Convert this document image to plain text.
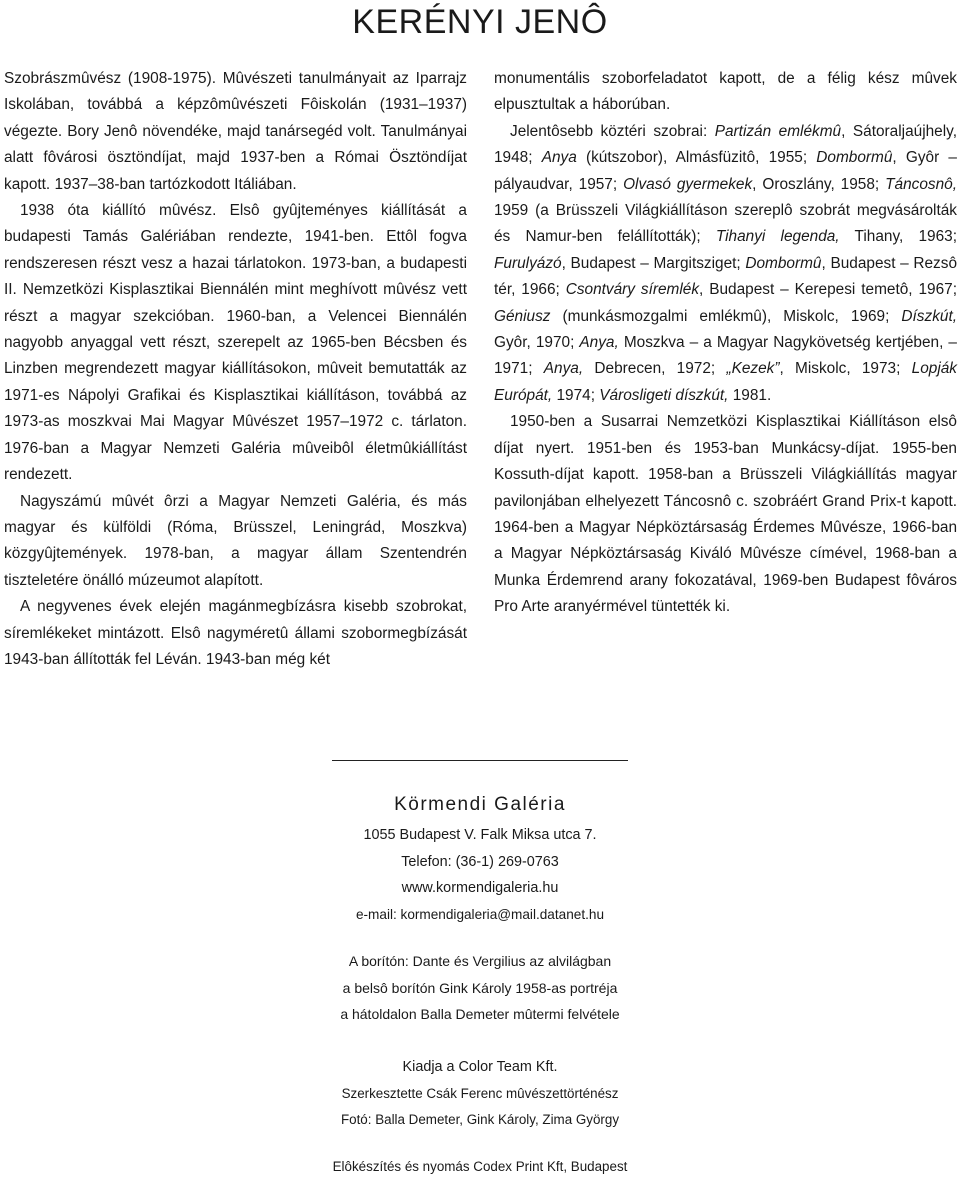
KERÉNYI JENÔ

Szobrászmûvész (1908-1975). Mûvészeti tanulmányait az Iparrajz Iskolában, továbbá a képzômûvészeti Fôiskolán (1931–1937) végezte. Bory Jenô növendéke, majd tanársegéd volt. Tanulmányai alatt fôvárosi ösztöndíjat, majd 1937-ben a Római Ösztöndíjat kapott. 1937–38-ban tartózkodott Itáliában.

1938 óta kiállító mûvész. Elsô gyûjteményes kiállítását a budapesti Tamás Galériában rendezte, 1941-ben. Ettôl fogva rendszeresen részt vesz a hazai tárlatokon. 1973-ban, a budapesti II. Nemzetközi Kisplasztikai Biennálén mint meghívott mûvész vett részt a magyar szekcióban. 1960-ban, a Velencei Biennálén nagyobb anyaggal vett részt, szerepelt az 1965-ben Bécsben és Linzben megrendezett magyar kiállításokon, mûveit bemutatták az 1971-es Nápolyi Grafikai és Kisplasztikai kiállításon, továbbá az 1973-as moszkvai Mai Magyar Mûvészet 1957–1972 c. tárlaton. 1976-ban a Magyar Nemzeti Galéria mûveibôl életmûkiállítást rendezett.

Nagyszámú mûvét ôrzi a Magyar Nemzeti Galéria, és más magyar és külföldi (Róma, Brüsszel, Leningrád, Moszkva) közgyûjtemények. 1978-ban, a magyar állam Szentendrén tiszteletére önálló múzeumot alapított.

A negyvenes évek elején magánmegbízásra kisebb szobrokat, síremlékeket mintázott. Elsô nagyméretû állami szobormegbízását 1943-ban állították fel Léván. 1943-ban még két

monumentális szoborfeladatot kapott, de a félig kész mûvek elpusztultak a háborúban.

Jelentôsebb köztéri szobrai: Partizán emlékmû, Sátoraljaújhely, 1948; Anya (kútszobor), Almásfüzitô, 1955; Dombormû, Gyôr – pályaudvar, 1957; Olvasó gyermekek, Oroszlány, 1958; Táncosnô, 1959 (a Brüsszeli Világkiállításon szereplô szobrát megvásárolták és Namur-ben felállították); Tihanyi legenda, Tihany, 1963; Furulyázó, Budapest – Margitsziget; Dombormû, Budapest – Rezsô tér, 1966; Csontváry síremlék, Budapest – Kerepesi temetô, 1967; Géniusz (munkásmozgalmi emlékmû), Miskolc, 1969; Díszkút, Gyôr, 1970; Anya, Moszkva – a Magyar Nagykövetség kertjében, – 1971; Anya, Debrecen, 1972; „Kezek”, Miskolc, 1973; Lopják Európát, 1974; Városligeti díszkút, 1981.

1950-ben a Susarrai Nemzetközi Kisplasztikai Kiállításon elsô díjat nyert. 1951-ben és 1953-ban Munkácsy-díjat. 1955-ben Kossuth-díjat kapott. 1958-ban a Brüsszeli Világkiállítás magyar pavilonjában elhelyezett Táncosnô c. szobráért Grand Prix-t kapott. 1964-ben a Magyar Népköztársaság Érdemes Mûvésze, 1966-ban a Magyar Népköztársaság Kiváló Mûvésze címével, 1968-ban a Munka Érdemrend arany fokozatával, 1969-ben Budapest fôváros Pro Arte aranyérmével tüntették ki.

Körmendi Galéria
1055 Budapest V. Falk Miksa utca 7.
Telefon: (36-1) 269-0763
www.kormendigaleria.hu
e-mail: kormendigaleria@mail.datanet.hu
A borítón: Dante és Vergilius az alvilágban
a belsô borítón Gink Károly 1958-as portréja
a hátoldalon Balla Demeter mûtermi felvétele
Kiadja a Color Team Kft.
Szerkesztette Csák Ferenc mûvészettörténész
Fotó: Balla Demeter, Gink Károly, Zima György
Elôkészítés és nyomás Codex Print Kft, Budapest
